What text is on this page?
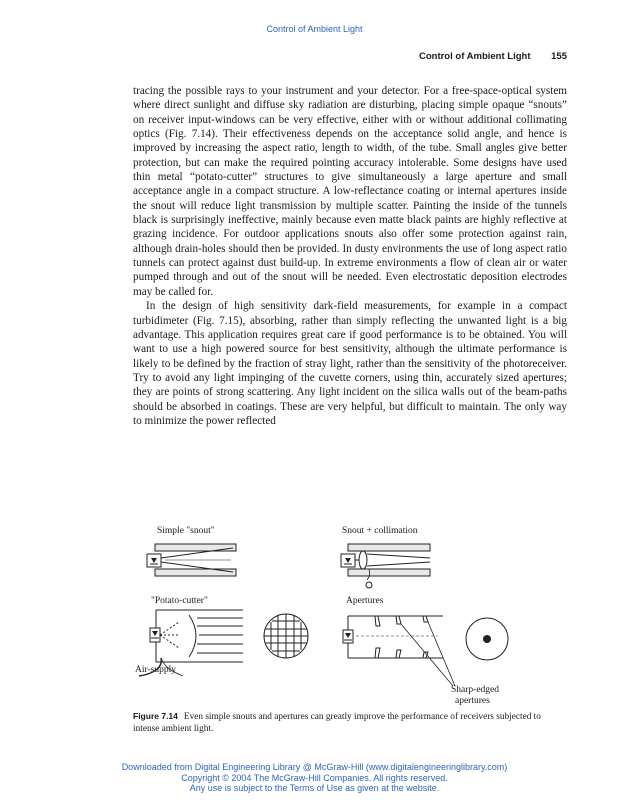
Control of Ambient Light
Control of Ambient Light 155

tracing the possible rays to your instrument and your detector. For a free-space-optical system where direct sunlight and diffuse sky radiation are disturbing, placing simple opaque “snouts” on receiver input-windows can be very effective, either with or without additional collimating optics (Fig. 7.14). Their effectiveness depends on the acceptance solid angle, and hence is improved by increasing the aspect ratio, length to width, of the tube. Small angles give better protection, but can make the required pointing accuracy intolerable. Some designs have used thin metal “potato-cutter” structures to give simultaneously a large aperture and small acceptance angle in a compact structure. A low-reflectance coating or internal apertures inside the snout will reduce light transmission by multiple scatter. Painting the inside of the tunnels black is surprisingly ineffective, mainly because even matte black paints are highly reflective at grazing incidence. For outdoor applications snouts also offer some protection against rain, although drain-holes should then be provided. In dusty environments the use of long aspect ratio tunnels can protect against dust build-up. In extreme environments a flow of clean air or water pumped through and out of the snout will be needed. Even electrostatic deposition electrodes may be called for.

In the design of high sensitivity dark-field measurements, for example in a compact turbidimeter (Fig. 7.15), absorbing, rather than simply reflecting the unwanted light is a big advantage. This application requires great care if good performance is to be obtained. You will want to use a high powered source for best sensitivity, although the ultimate performance is likely to be defined by the fraction of stray light, rather than the sensitivity of the photoreceiver. Try to avoid any light impinging of the cuvette corners, using thin, accurately sized apertures; they are points of strong scattering. Any light incident on the silica walls out of the beam-paths should be absorbed in coatings. These are very helpful, but difficult to maintain. The only way to minimize the power reflected

Simple "snout"	Snout + collimation
"Potato-cutter"	Apertures
Air-supply
Sharp-edged
apertures
Figure 7.14 Even simple snouts and apertures can greatly improve the performance of receivers subjected to intense ambient light.
Downloaded from Digital Engineering Library @ McGraw-Hill (www.digitalengineeringlibrary.com)
Copyright © 2004 The McGraw-Hill Companies. All rights reserved.
Any use is subject to the Terms of Use as given at the website.
